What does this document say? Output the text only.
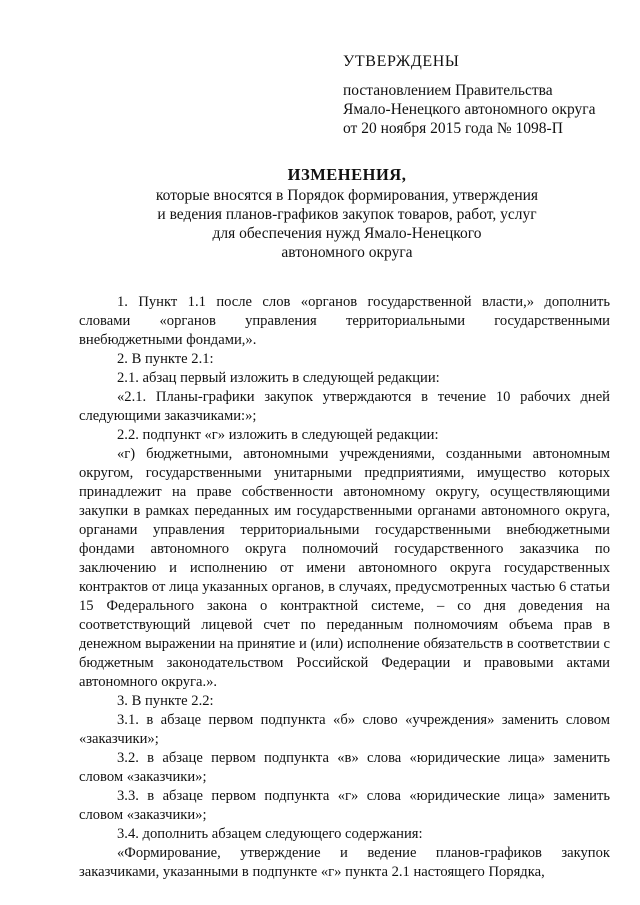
УТВЕРЖДЕНЫ
постановлением Правительства
Ямало-Ненецкого автономного округа
от 20 ноября 2015 года № 1098-П
ИЗМЕНЕНИЯ,
которые вносятся в Порядок формирования, утверждения
и ведения планов-графиков закупок товаров, работ, услуг
для обеспечения нужд Ямало-Ненецкого
автономного округа

1. Пункт 1.1 после слов «органов государственной власти,» дополнить словами «органов управления территориальными государственными внебюджетными фондами,».

2. В пункте 2.1:

2.1. абзац первый изложить в следующей редакции:

«2.1. Планы-графики закупок утверждаются в течение 10 рабочих дней следующими заказчиками:»;

2.2. подпункт «г» изложить в следующей редакции:

«г) бюджетными, автономными учреждениями, созданными автономным округом, государственными унитарными предприятиями, имущество которых принадлежит на праве собственности автономному округу, осуществляющими закупки в рамках переданных им государственными органами автономного округа, органами управления территориальными государственными внебюджетными фондами автономного округа полномочий государственного заказчика по заключению и исполнению от имени автономного округа государственных контрактов от лица указанных органов, в случаях, предусмотренных частью 6 статьи 15 Федерального закона о контрактной системе, – со дня доведения на соответствующий лицевой счет по переданным полномочиям объема прав в денежном выражении на принятие и (или) исполнение обязательств в соответствии с бюджетным законодательством Российской Федерации и правовыми актами автономного округа.».

3. В пункте 2.2:

3.1. в абзаце первом подпункта «б» слово «учреждения» заменить словом «заказчики»;

3.2. в абзаце первом подпункта «в» слова «юридические лица» заменить словом «заказчики»;

3.3. в абзаце первом подпункта «г» слова «юридические лица» заменить словом «заказчики»;

3.4. дополнить абзацем следующего содержания:

«Формирование, утверждение и ведение планов-графиков закупок заказчиками, указанными в подпункте «г» пункта 2.1 настоящего Порядка,
